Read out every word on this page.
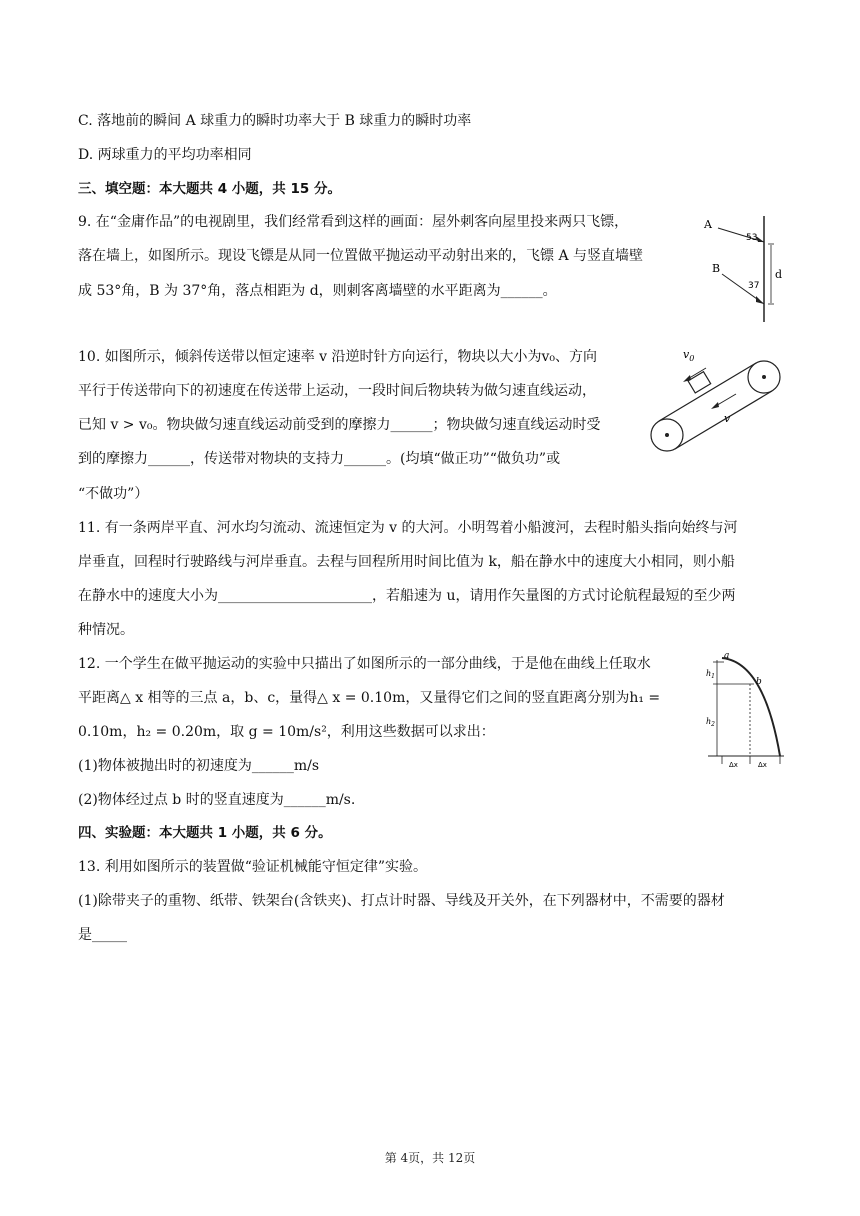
C. 落地前的瞬间 A 球重力的瞬时功率大于 B 球重力的瞬时功率
D. 两球重力的平均功率相同
三、填空题：本大题共 4 小题，共 15 分。
9. 在“金庸作品”的电视剧里，我们经常看到这样的画面：屋外刺客向屋里投来两只飞镖，
落在墙上，如图所示。现设飞镖是从同一位置做平抛运动平动射出来的，飞镖 A 与竖直墙壁
成 53°角，B 为 37°角，落点相距为 d，则刺客离墙壁的水平距离为______。
10. 如图所示，倾斜传送带以恒定速率 v 沿逆时针方向运行，物块以大小为v₀、方向
平行于传送带向下的初速度在传送带上运动，一段时间后物块转为做匀速直线运动，
已知 v > v₀。物块做匀速直线运动前受到的摩擦力______；物块做匀速直线运动时受
到的摩擦力______，传送带对物块的支持力______。(均填“做正功”“做负功”或
“不做功”）
11. 有一条两岸平直、河水均匀流动、流速恒定为 v 的大河。小明驾着小船渡河，去程时船头指向始终与河
岸垂直，回程时行驶路线与河岸垂直。去程与回程所用时间比值为 k，船在静水中的速度大小相同，则小船
在静水中的速度大小为______________________，若船速为 u，请用作矢量图的方式讨论航程最短的至少两
种情况。
12. 一个学生在做平抛运动的实验中只描出了如图所示的一部分曲线，于是他在曲线上任取水
平距离△ x 相等的三点 a，b、c，量得△ x = 0.10m，又量得它们之间的竖直距离分别为h₁ =
0.10m，h₂ = 0.20m，取 g = 10m/s²，利用这些数据可以求出：
(1)物体被抛出时的初速度为______m/s
(2)物体经过点 b 时的竖直速度为______m/s.
四、实验题：本大题共 1 小题，共 6 分。
13. 利用如图所示的装置做“验证机械能守恒定律”实验。
(1)除带夹子的重物、纸带、铁架台(含铁夹)、打点计时器、导线及开关外，在下列器材中，不需要的器材
是_____
A
B
53
37
d
$v_0$
v
a
b
$h_1$
$h_2$
Δx	Δx
第 4页，共 12页
